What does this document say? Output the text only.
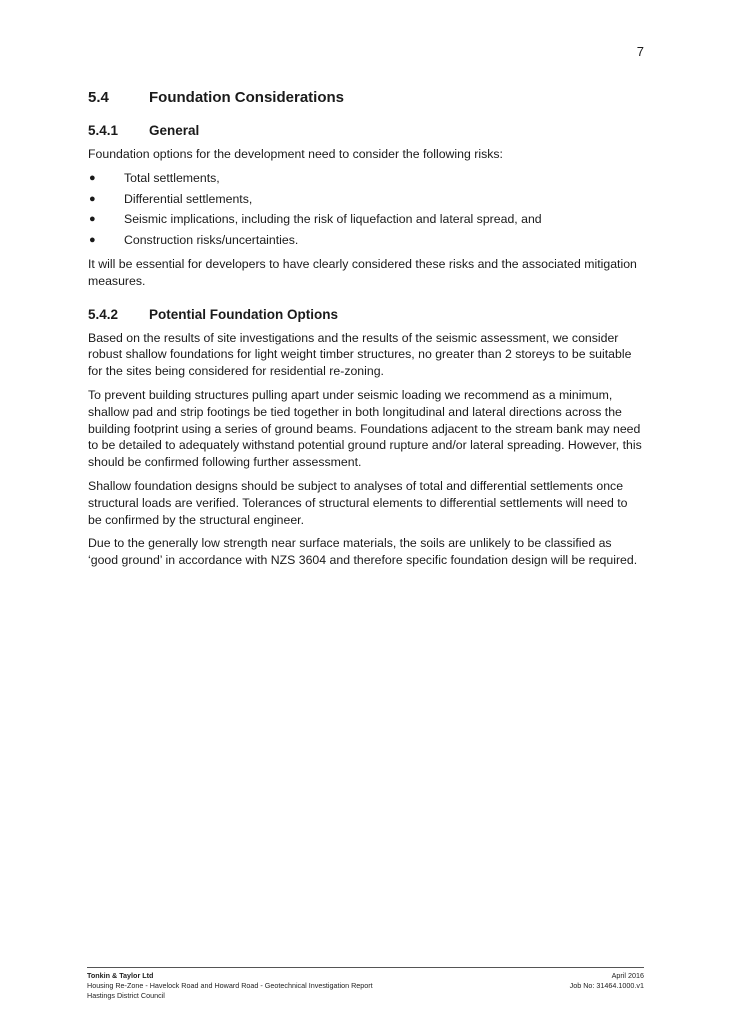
7
5.4	Foundation Considerations
5.4.1	General

Foundation options for the development need to consider the following risks:

●	Total settlements,
●	Differential settlements,
●	Seismic implications, including the risk of liquefaction and lateral spread, and
●	Construction risks/uncertainties.

It will be essential for developers to have clearly considered these risks and the associated mitigation measures.

5.4.2	Potential Foundation Options

Based on the results of site investigations and the results of the seismic assessment, we consider robust shallow foundations for light weight timber structures, no greater than 2 storeys to be suitable for the sites being considered for residential re-zoning.

To prevent building structures pulling apart under seismic loading we recommend as a minimum, shallow pad and strip footings be tied together in both longitudinal and lateral directions across the building footprint using a series of ground beams. Foundations adjacent to the stream bank may need to be detailed to adequately withstand potential ground rupture and/or lateral spreading. However, this should be confirmed following further assessment.

Shallow foundation designs should be subject to analyses of total and differential settlements once structural loads are verified. Tolerances of structural elements to differential settlements will need to be confirmed by the structural engineer.

Due to the generally low strength near surface materials, the soils are unlikely to be classified as ‘good ground’ in accordance with NZS 3604 and therefore specific foundation design will be required.

Tonkin & Taylor Ltd	April 2016
Housing Re-Zone - Havelock Road and Howard Road - Geotechnical Investigation Report	Job No: 31464.1000.v1
Hastings District Council
